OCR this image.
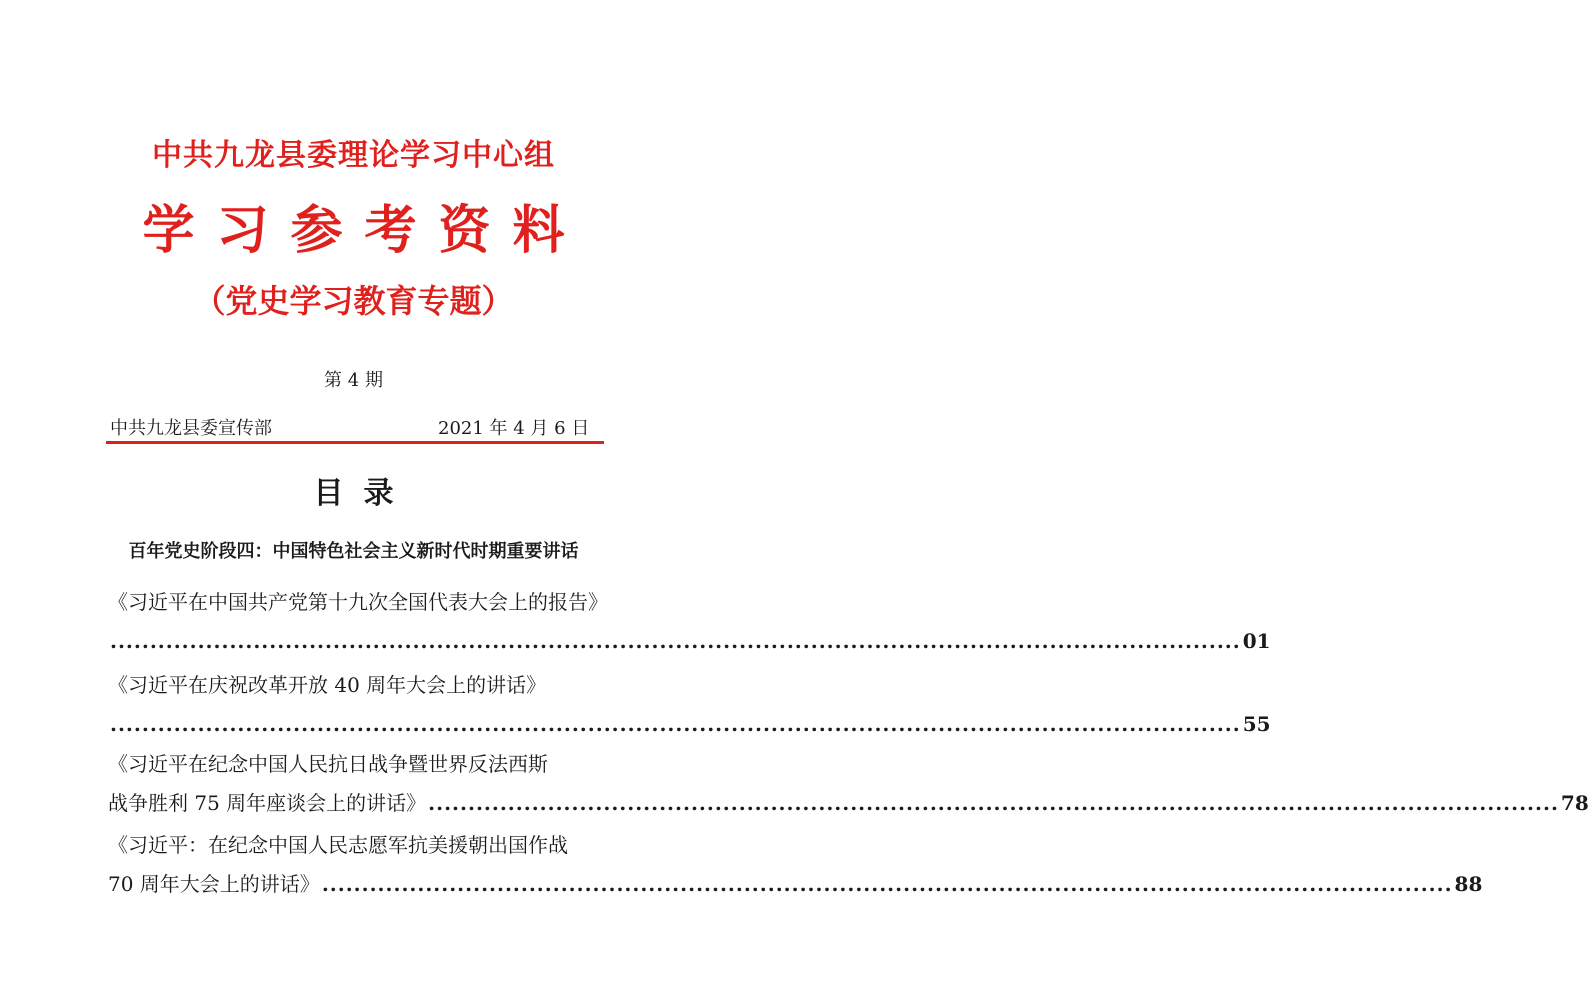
中共九龙县委理论学习中心组
学习参考资料
（党史学习教育专题）
第 4 期
中共九龙县委宣传部	2021 年 4 月 6 日
目录
百年党史阶段四：中国特色社会主义新时代时期重要讲话
《习近平在中国共产党第十九次全国代表大会上的报告》
.............................................................................................................................................. 01
《习近平在庆祝改革开放 40 周年大会上的讲话》
.............................................................................................................................................. 55
《习近平在纪念中国人民抗日战争暨世界反法西斯
战争胜利 75 周年座谈会上的讲话》 .............................................................................................................................................. 78
《习近平：在纪念中国人民志愿军抗美援朝出国作战
70 周年大会上的讲话》 .............................................................................................................................................. 88
